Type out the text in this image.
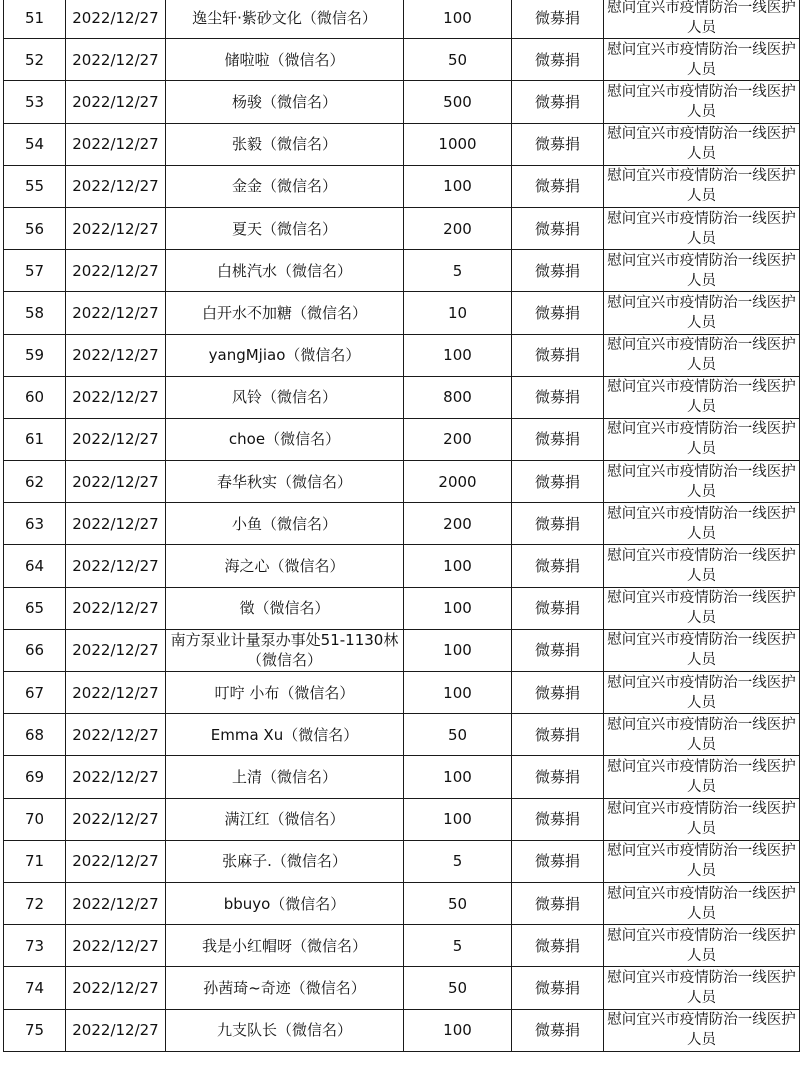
51	2022/12/27	逸尘轩·紫砂文化（微信名）	100	微募捐	慰问宜兴市疫情防治一线医护人员
52	2022/12/27	储啦啦（微信名）	50	微募捐	慰问宜兴市疫情防治一线医护人员
53	2022/12/27	杨骏（微信名）	500	微募捐	慰问宜兴市疫情防治一线医护人员
54	2022/12/27	张毅（微信名）	1000	微募捐	慰问宜兴市疫情防治一线医护人员
55	2022/12/27	金金（微信名）	100	微募捐	慰问宜兴市疫情防治一线医护人员
56	2022/12/27	夏天（微信名）	200	微募捐	慰问宜兴市疫情防治一线医护人员
57	2022/12/27	白桃汽水（微信名）	5	微募捐	慰问宜兴市疫情防治一线医护人员
58	2022/12/27	白开水不加糖（微信名）	10	微募捐	慰问宜兴市疫情防治一线医护人员
59	2022/12/27	yangMjiao（微信名）	100	微募捐	慰问宜兴市疫情防治一线医护人员
60	2022/12/27	风铃（微信名）	800	微募捐	慰问宜兴市疫情防治一线医护人员
61	2022/12/27	choe（微信名）	200	微募捐	慰问宜兴市疫情防治一线医护人员
62	2022/12/27	春华秋实（微信名）	2000	微募捐	慰问宜兴市疫情防治一线医护人员
63	2022/12/27	小鱼（微信名）	200	微募捐	慰问宜兴市疫情防治一线医护人员
64	2022/12/27	海之心（微信名）	100	微募捐	慰问宜兴市疫情防治一线医护人员
65	2022/12/27	徵（微信名）	100	微募捐	慰问宜兴市疫情防治一线医护人员
66	2022/12/27	南方泵业计量泵办事处51-1130林（微信名）	100	微募捐	慰问宜兴市疫情防治一线医护人员
67	2022/12/27	叮咛 小布（微信名）	100	微募捐	慰问宜兴市疫情防治一线医护人员
68	2022/12/27	Emma Xu（微信名）	50	微募捐	慰问宜兴市疫情防治一线医护人员
69	2022/12/27	上清（微信名）	100	微募捐	慰问宜兴市疫情防治一线医护人员
70	2022/12/27	满江红（微信名）	100	微募捐	慰问宜兴市疫情防治一线医护人员
71	2022/12/27	张麻子.（微信名）	5	微募捐	慰问宜兴市疫情防治一线医护人员
72	2022/12/27	bbuyo（微信名）	50	微募捐	慰问宜兴市疫情防治一线医护人员
73	2022/12/27	我是小红帽呀（微信名）	5	微募捐	慰问宜兴市疫情防治一线医护人员
74	2022/12/27	孙茜琦~奇迹（微信名）	50	微募捐	慰问宜兴市疫情防治一线医护人员
75	2022/12/27	九支队长（微信名）	100	微募捐	慰问宜兴市疫情防治一线医护人员
